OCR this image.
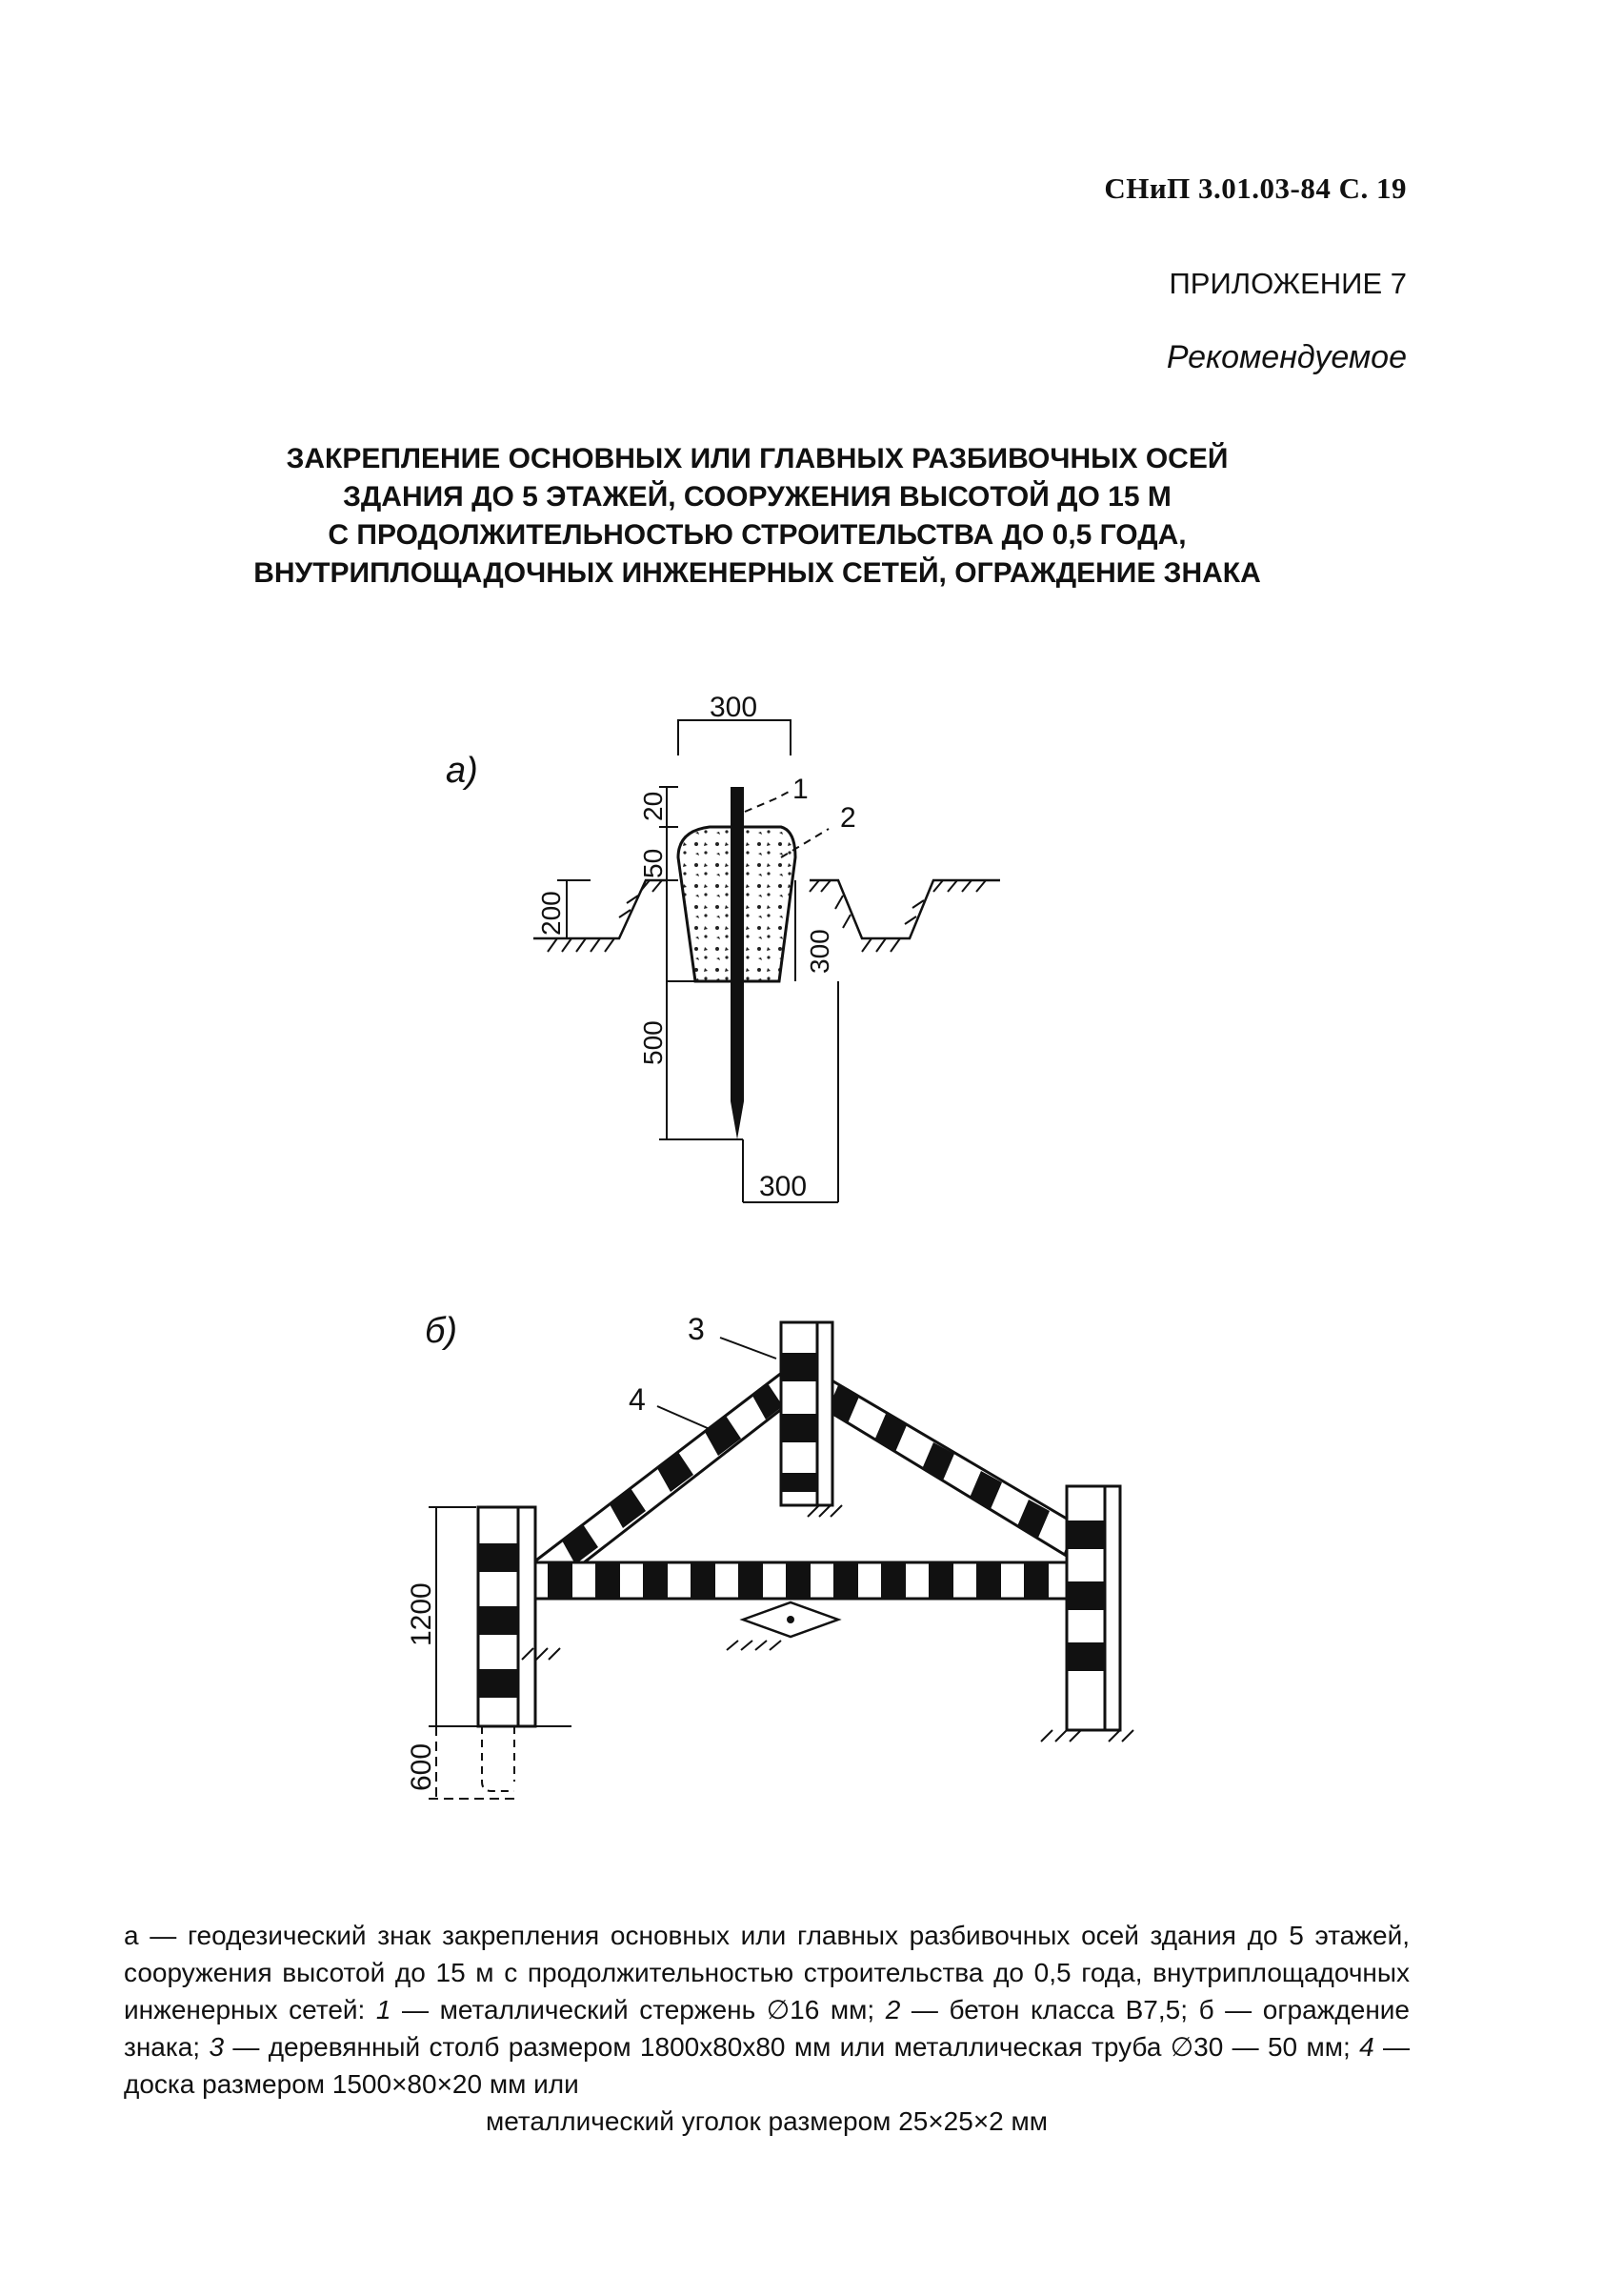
СНиП 3.01.03-84 С. 19
ПРИЛОЖЕНИЕ 7
Рекомендуемое
ЗАКРЕПЛЕНИЕ ОСНОВНЫХ ИЛИ ГЛАВНЫХ РАЗБИВОЧНЫХ ОСЕЙ
ЗДАНИЯ ДО 5 ЭТАЖЕЙ, СООРУЖЕНИЯ ВЫСОТОЙ ДО 15 М
С ПРОДОЛЖИТЕЛЬНОСТЬЮ СТРОИТЕЛЬСТВА ДО 0,5 ГОДА,
ВНУТРИПЛОЩАДОЧНЫХ ИНЖЕНЕРНЫХ СЕТЕЙ, ОГРАЖДЕНИЕ ЗНАКА
а)
б)
300
300
20
50
200
300
500
1
2
1200
600
3
4
а — геодезический знак закрепления основных или главных разбивочных осей здания до 5 этажей, сооружения высотой до 15 м с продолжительностью строительства до 0,5 года, внутриплощадочных инженерных сетей: 1 — металлический стержень ∅16 мм; 2 — бетон класса В7,5; б — ограждение знака; 3 — деревянный столб размером 1800х80х80 мм или металлическая труба ∅30 — 50 мм; 4 — доска размером 1500×80×20 мм или
металлический уголок размером 25×25×2 мм
